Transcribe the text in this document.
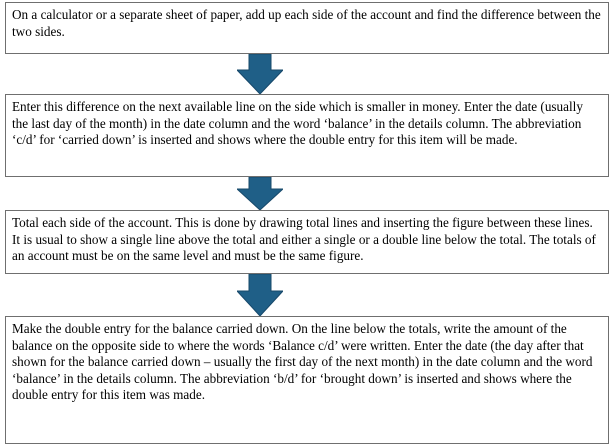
On a calculator or a separate sheet of paper, add up each side of the account and find the difference between the two sides.
Enter this difference on the next available line on the side which is smaller in money. Enter the date (usually the last day of the month) in the date column and the word ‘balance’ in the details column. The abbreviation ‘c/d’ for ‘carried down’ is inserted and shows where the double entry for this item will be made.
Total each side of the account. This is done by drawing total lines and inserting the figure between these lines. It is usual to show a single line above the total and either a single or a double line below the total. The totals of an account must be on the same level and must be the same figure.
Make the double entry for the balance carried down. On the line below the totals, write the amount of the balance on the opposite side to where the words ‘Balance c/d’ were written. Enter the date (the day after that shown for the balance carried down – usually the first day of the next month) in the date column and the word ‘balance’ in the details column. The abbreviation ‘b/d’ for ‘brought down’ is inserted and shows where the double entry for this item was made.
